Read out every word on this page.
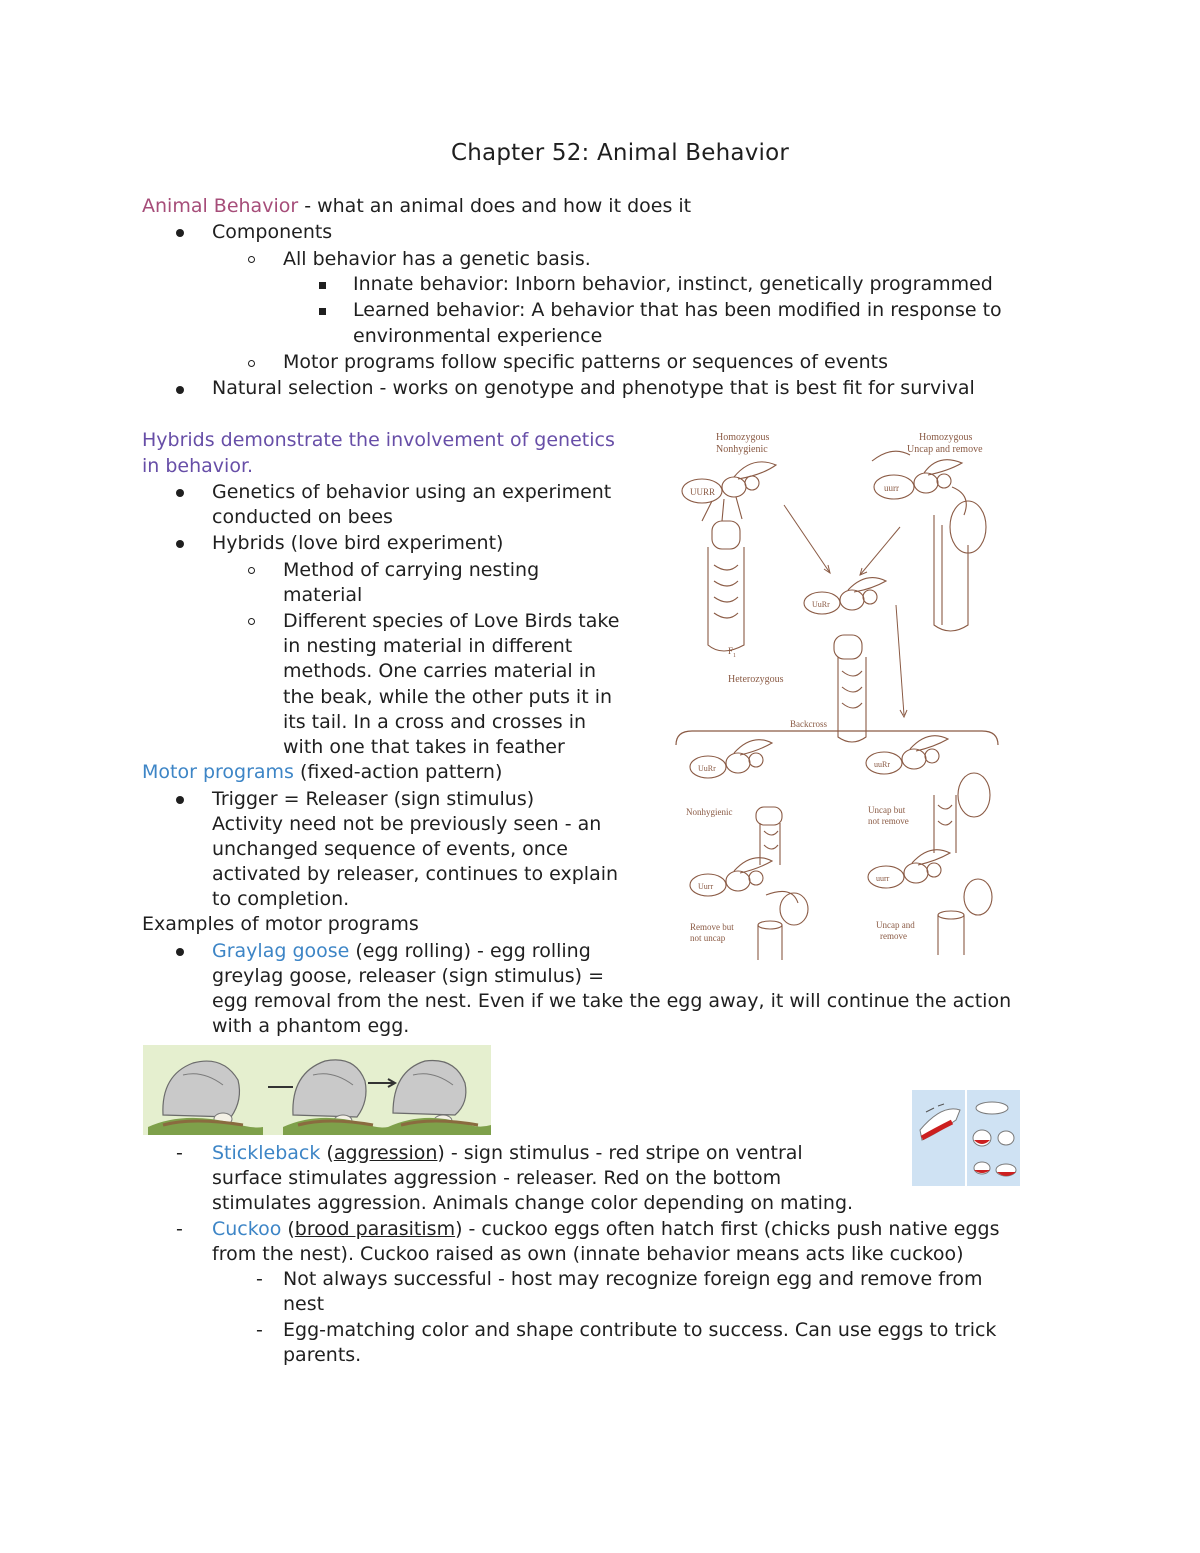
Chapter 52: Animal Behavior
Animal Behavior - what an animal does and how it does it
Components
All behavior has a genetic basis.
Innate behavior: Inborn behavior, instinct, genetically programmed
Learned behavior: A behavior that has been modified in response to
environmental experience
Motor programs follow specific patterns or sequences of events
Natural selection - works on genotype and phenotype that is best fit for survival
Hybrids demonstrate the involvement of genetics
in behavior.
Genetics of behavior using an experiment
conducted on bees
Hybrids (love bird experiment)
Method of carrying nesting
material
Different species of Love Birds take
in nesting material in different
methods. One carries material in
the beak, while the other puts it in
its tail. In a cross and crosses in
with one that takes in feather
Motor programs (fixed-action pattern)
Trigger = Releaser (sign stimulus)
Activity need not be previously seen - an
unchanged sequence of events, once
activated by releaser, continues to explain
to completion.
Examples of motor programs
Graylag goose (egg rolling) - egg rolling
greylag goose, releaser (sign stimulus) =
egg removal from the nest. Even if we take the egg away, it will continue the action
with a phantom egg.
Homozygous
Nonhygienic
Homozygous
Uncap and remove
UURR	uurr
UuRr
$F_1$
Heterozygous
Backcross
UuRr
Nonhygienic
uuRr
Uncap but
not remove
Uurr
Remove but
not uncap
uurr
Uncap and
remove
- Stickleback (aggression) - sign stimulus - red stripe on ventral
surface stimulates aggression - releaser. Red on the bottom
stimulates aggression. Animals change color depending on mating.
- Cuckoo (brood parasitism) - cuckoo eggs often hatch first (chicks push native eggs
from the nest). Cuckoo raised as own (innate behavior means acts like cuckoo)
- Not always successful - host may recognize foreign egg and remove from
nest
- Egg-matching color and shape contribute to success. Can use eggs to trick
parents.
